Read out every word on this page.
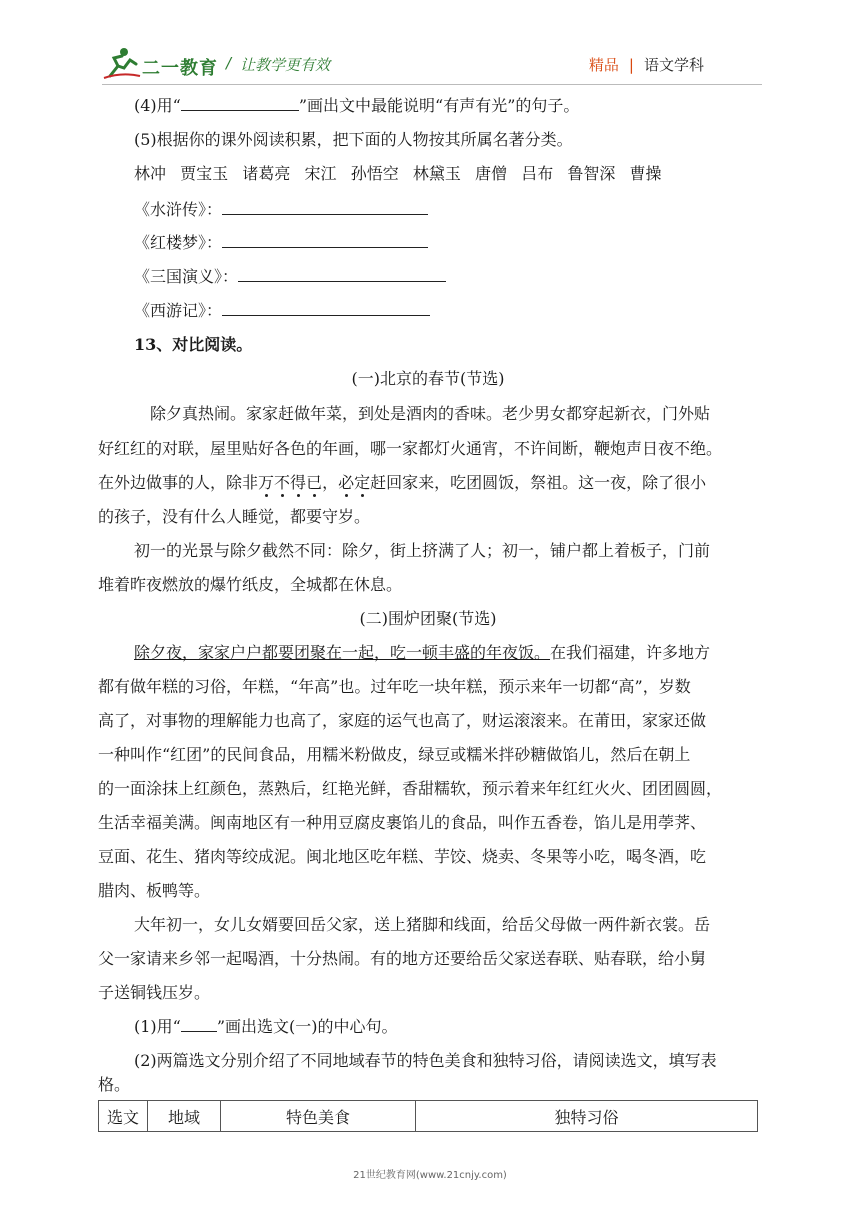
二一教育 / 让教学更有效	精品 | 语文学科
(4)用“	”画出文中最能说明“有声有光”的句子。
(5)根据你的课外阅读积累，把下面的人物按其所属名著分类。
林冲  贾宝玉  诸葛亮  宋江  孙悟空  林黛玉  唐僧  吕布  鲁智深  曹操
《水浒传》：
《红楼梦》：
《三国演义》：
《西游记》：
13、对比阅读。
(一)北京的春节(节选)
除夕真热闹。家家赶做年菜，到处是酒肉的香味。老少男女都穿起新衣，门外贴
好红红的对联，屋里贴好各色的年画，哪一家都灯火通宵，不许间断，鞭炮声日夜不绝。
在外边做事的人，除非万不得已，必定赶回家来，吃团圆饭，祭祖。这一夜，除了很小
的孩子，没有什么人睡觉，都要守岁。
初一的光景与除夕截然不同：除夕，街上挤满了人；初一，铺户都上着板子，门前
堆着昨夜燃放的爆竹纸皮，全城都在休息。
(二)围炉团聚(节选)
除夕夜，家家户户都要团聚在一起，吃一顿丰盛的年夜饭。在我们福建，许多地方
都有做年糕的习俗，年糕，“年高”也。过年吃一块年糕，预示来年一切都“高”，岁数
高了，对事物的理解能力也高了，家庭的运气也高了，财运滚滚来。在莆田，家家还做
一种叫作“红团”的民间食品，用糯米粉做皮，绿豆或糯米拌砂糖做馅儿，然后在朝上
的一面涂抹上红颜色，蒸熟后，红艳光鲜，香甜糯软，预示着来年红红火火、团团圆圆，
生活幸福美满。闽南地区有一种用豆腐皮裹馅儿的食品，叫作五香卷，馅儿是用荸荠、
豆面、花生、猪肉等绞成泥。闽北地区吃年糕、芋饺、烧卖、冬果等小吃，喝冬酒，吃
腊肉、板鸭等。
大年初一，女儿女婿要回岳父家，送上猪脚和线面，给岳父母做一两件新衣裳。岳
父一家请来乡邻一起喝酒，十分热闹。有的地方还要给岳父家送春联、贴春联，给小舅
子送铜钱压岁。
(1)用“ ”画出选文(一)的中心句。
(2)两篇选文分别介绍了不同地域春节的特色美食和独特习俗，请阅读选文，填写表
格。
选文	地域	特色美食	独特习俗
21世纪教育网(www.21cnjy.com)
